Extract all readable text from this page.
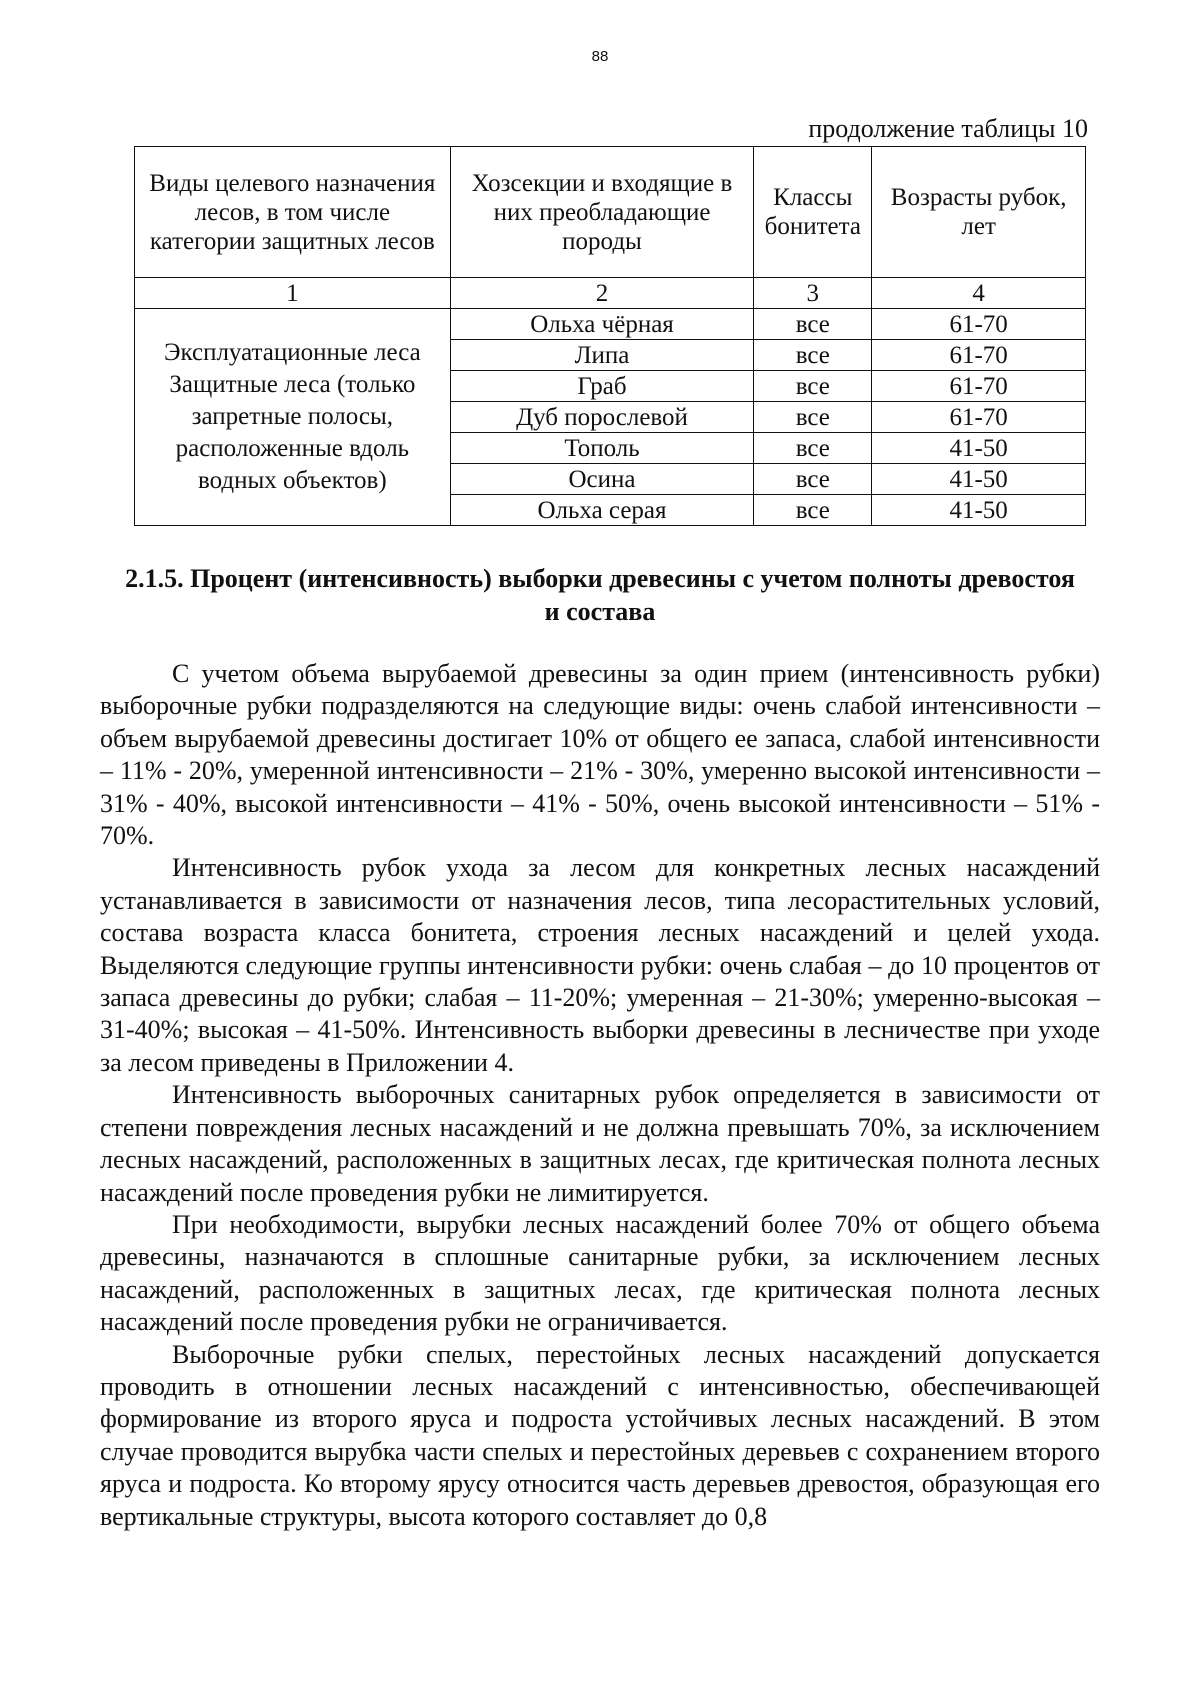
88
продолжение таблицы 10
Виды целевого назначения лесов, в том числе категории защитных лесов	Хозсекции и входящие в них преобладающие породы	Классы бонитета	Возрасты рубок, лет
1	2	3	4
Эксплуатационные леса Защитные леса (только запретные полосы, расположенные вдоль водных объектов)	Ольха чёрная	все	61-70
	Липа	все	61-70
	Граб	все	61-70
	Дуб порослевой	все	61-70
	Тополь	все	41-50
	Осина	все	41-50
	Ольха серая	все	41-50
2.1.5. Процент (интенсивность) выборки древесины с учетом полноты древостоя и состава

С учетом объема вырубаемой древесины за один прием (интенсивность рубки) выборочные рубки подразделяются на следующие виды: очень слабой интенсивности – объем вырубаемой древесины достигает 10% от общего ее запаса, слабой интенсивности – 11% - 20%, умеренной интенсивности – 21% - 30%, умеренно высокой интенсивности – 31% - 40%, высокой интенсивности – 41% - 50%, очень высокой интенсивности – 51% - 70%.

Интенсивность рубок ухода за лесом для конкретных лесных насаждений устанавливается в зависимости от назначения лесов, типа лесорастительных условий, состава возраста класса бонитета, строения лесных насаждений и целей ухода. Выделяются следующие группы интенсивности рубки: очень слабая – до 10 процентов от запаса древесины до рубки; слабая – 11-20%; умеренная – 21-30%; умеренно-высокая – 31-40%; высокая – 41-50%. Интенсивность выборки древесины в лесничестве при уходе за лесом приведены в Приложении 4.

Интенсивность выборочных санитарных рубок определяется в зависимости от степени повреждения лесных насаждений и не должна превышать 70%, за исключением лесных насаждений, расположенных в защитных лесах, где критическая полнота лесных насаждений после проведения рубки не лимитируется.

При необходимости, вырубки лесных насаждений более 70% от общего объема древесины, назначаются в сплошные санитарные рубки, за исключением лесных насаждений, расположенных в защитных лесах, где критическая полнота лесных насаждений после проведения рубки не ограничивается.

Выборочные рубки спелых, перестойных лесных насаждений допускается проводить в отношении лесных насаждений с интенсивностью, обеспечивающей формирование из второго яруса и подроста устойчивых лесных насаждений. В этом случае проводится вырубка части спелых и перестойных деревьев с сохранением второго яруса и подроста. Ко второму ярусу относится часть деревьев древостоя, образующая его вертикальные структуры, высота которого составляет до 0,8
